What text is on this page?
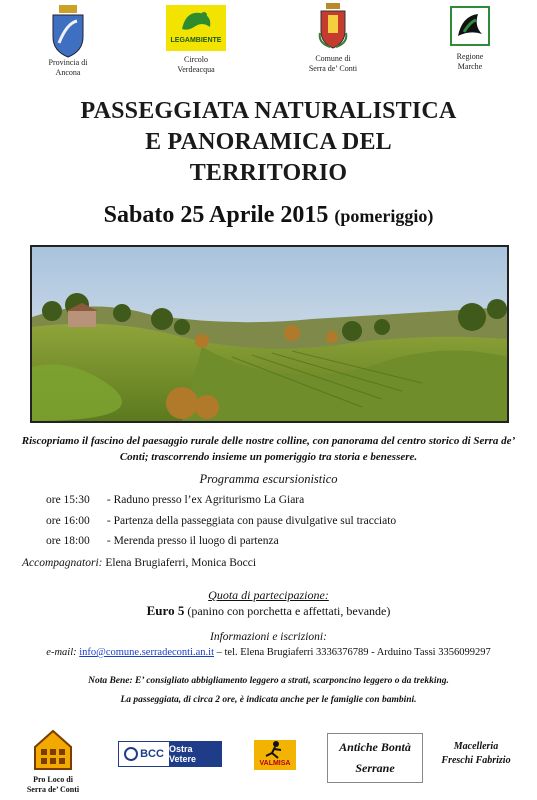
Provincia di
Ancona
LEGAMBIENTE
Circolo
Verdeacqua
Comune di
Serra de’ Conti
Regione
Marche
PASSEGGIATA NATURALISTICA
E PANORAMICA DEL
TERRITORIO
Sabato 25 Aprile 2015 (pomeriggio)
Riscopriamo il fascino del paesaggio rurale delle nostre colline, con panorama del centro storico di Serra de’ Conti; trascorrendo insieme un pomeriggio tra storia e benessere.
Programma escursionistico
ore 15:30 - Raduno presso l’ex Agriturismo La Giara
ore 16:00 - Partenza della passeggiata con pause divulgative sul tracciato
ore 18:00 - Merenda presso il luogo di partenza
Accompagnatori: Elena Brugiaferri, Monica Bocci
Quota di partecipazione:
Euro 5 (panino con porchetta e affettati, bevande)
Informazioni e iscrizioni:
e-mail: info@comune.serradeconti.an.it – tel. Elena Brugiaferri 3336376789 - Arduino Tassi 3356099297
Nota Bene: E’ consigliato abbigliamento leggero a strati, scarponcino leggero o da trekking.
La passeggiata, di circa 2 ore, è indicata anche per le famiglie con bambini.
Pro Loco di
Serra de’ Conti
BCC Ostra Vetere	VALMISA
Antiche Bontà
Serrane
Macelleria
Freschi Fabrizio
